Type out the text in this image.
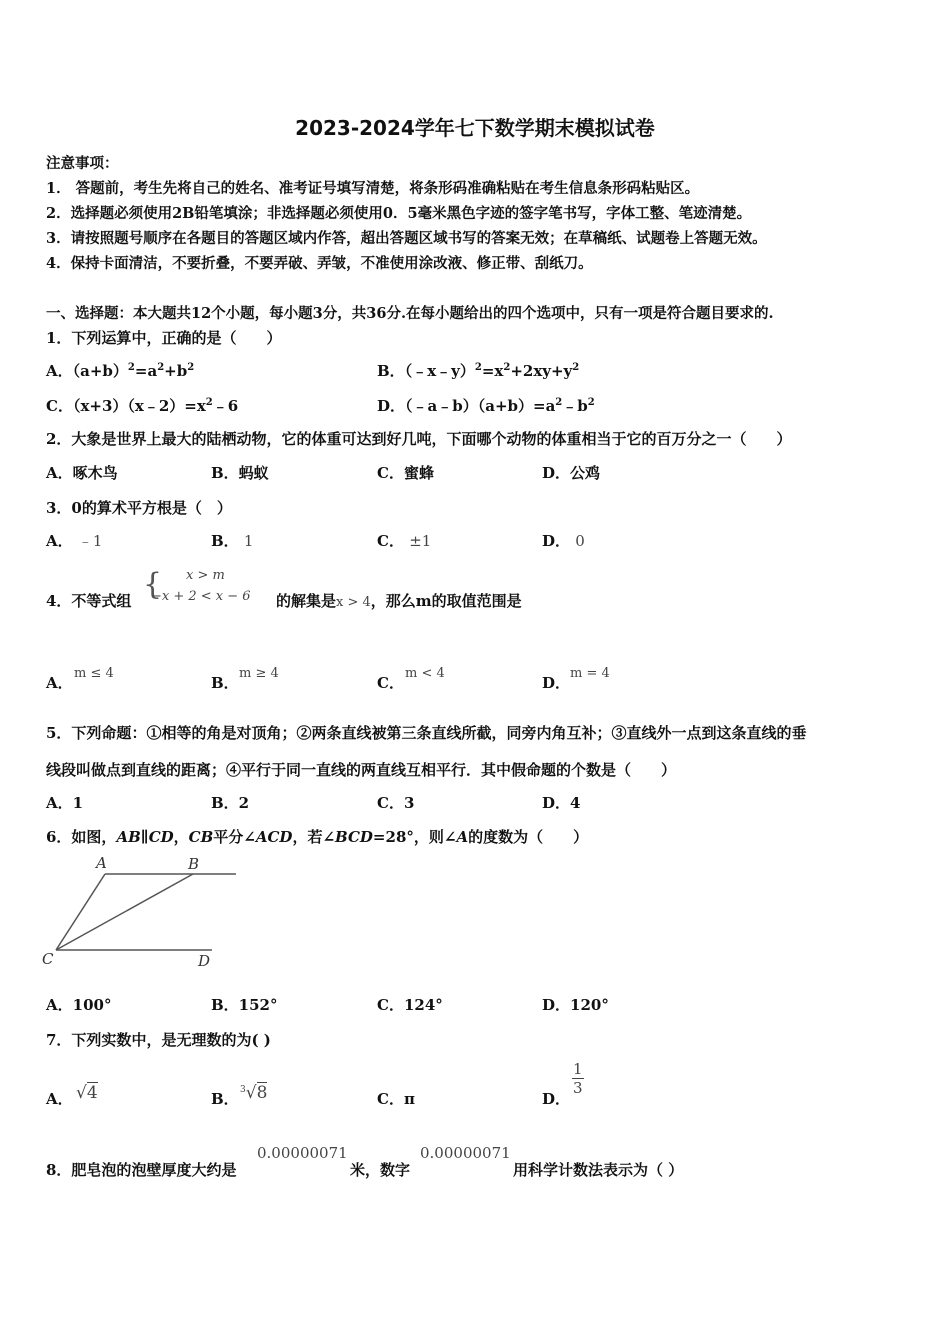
2023-2024学年七下数学期末模拟试卷
注意事项：
1． 答题前，考生先将自己的姓名、准考证号填写清楚，将条形码准确粘贴在考生信息条形码粘贴区。
2．选择题必须使用2B铅笔填涂；非选择题必须使用0．5毫米黑色字迹的签字笔书写，字体工整、笔迹清楚。
3．请按照题号顺序在各题目的答题区域内作答，超出答题区域书写的答案无效；在草稿纸、试题卷上答题无效。
4．保持卡面清洁，不要折叠，不要弄破、弄皱，不准使用涂改液、修正带、刮纸刀。
一、选择题：本大题共12个小题，每小题3分，共36分.在每小题给出的四个选项中，只有一项是符合题目要求的.
1．下列运算中，正确的是（　　）
A．$(a+b)^2=a^2+b^2$	B．$(﹣x﹣y)^2=x^2+2xy+y^2$
C．$(x+3)(x﹣2)=x^2﹣6$	D．$(﹣a﹣b)(a+b)=a^2﹣b^2$
2．大象是世界上最大的陆栖动物，它的体重可达到好几吨，下面哪个动物的体重相当于它的百万分之一（　　）
A．啄木鸟	B．蚂蚁	C．蜜蜂	D．公鸡
3．0的算术平方根是（　）
A． ﹣1	B． 1	C． ±1	D． 0
4．不等式组 { x > m
−x + 2 < x − 6 的解集是x > 4，那么m的取值范围是
A．
m ≤ 4
B．
m ≥ 4
C．
m < 4
D．
m = 4
5．下列命题：①相等的角是对顶角；②两条直线被第三条直线所截，同旁内角互补；③直线外一点到这条直线的垂
线段叫做点到直线的距离；④平行于同一直线的两直线互相平行．其中假命题的个数是（　　）
A．1	B．2	C．3	D．4
6．如图，AB∥CD，CB平分∠ACD，若∠BCD=28°，则∠A的度数为（　　）
A	B
C	D
A．100°	B．152°	C．124°	D．120°
7．下列实数中，是无理数的为( )
A． √4	B． $^3$√8	C．π	D．
$\frac{1}{3}$
8．肥皂泡的泡壁厚度大约是
0.00000071
米，数字
0.00000071
用科学计数法表示为（ ）
